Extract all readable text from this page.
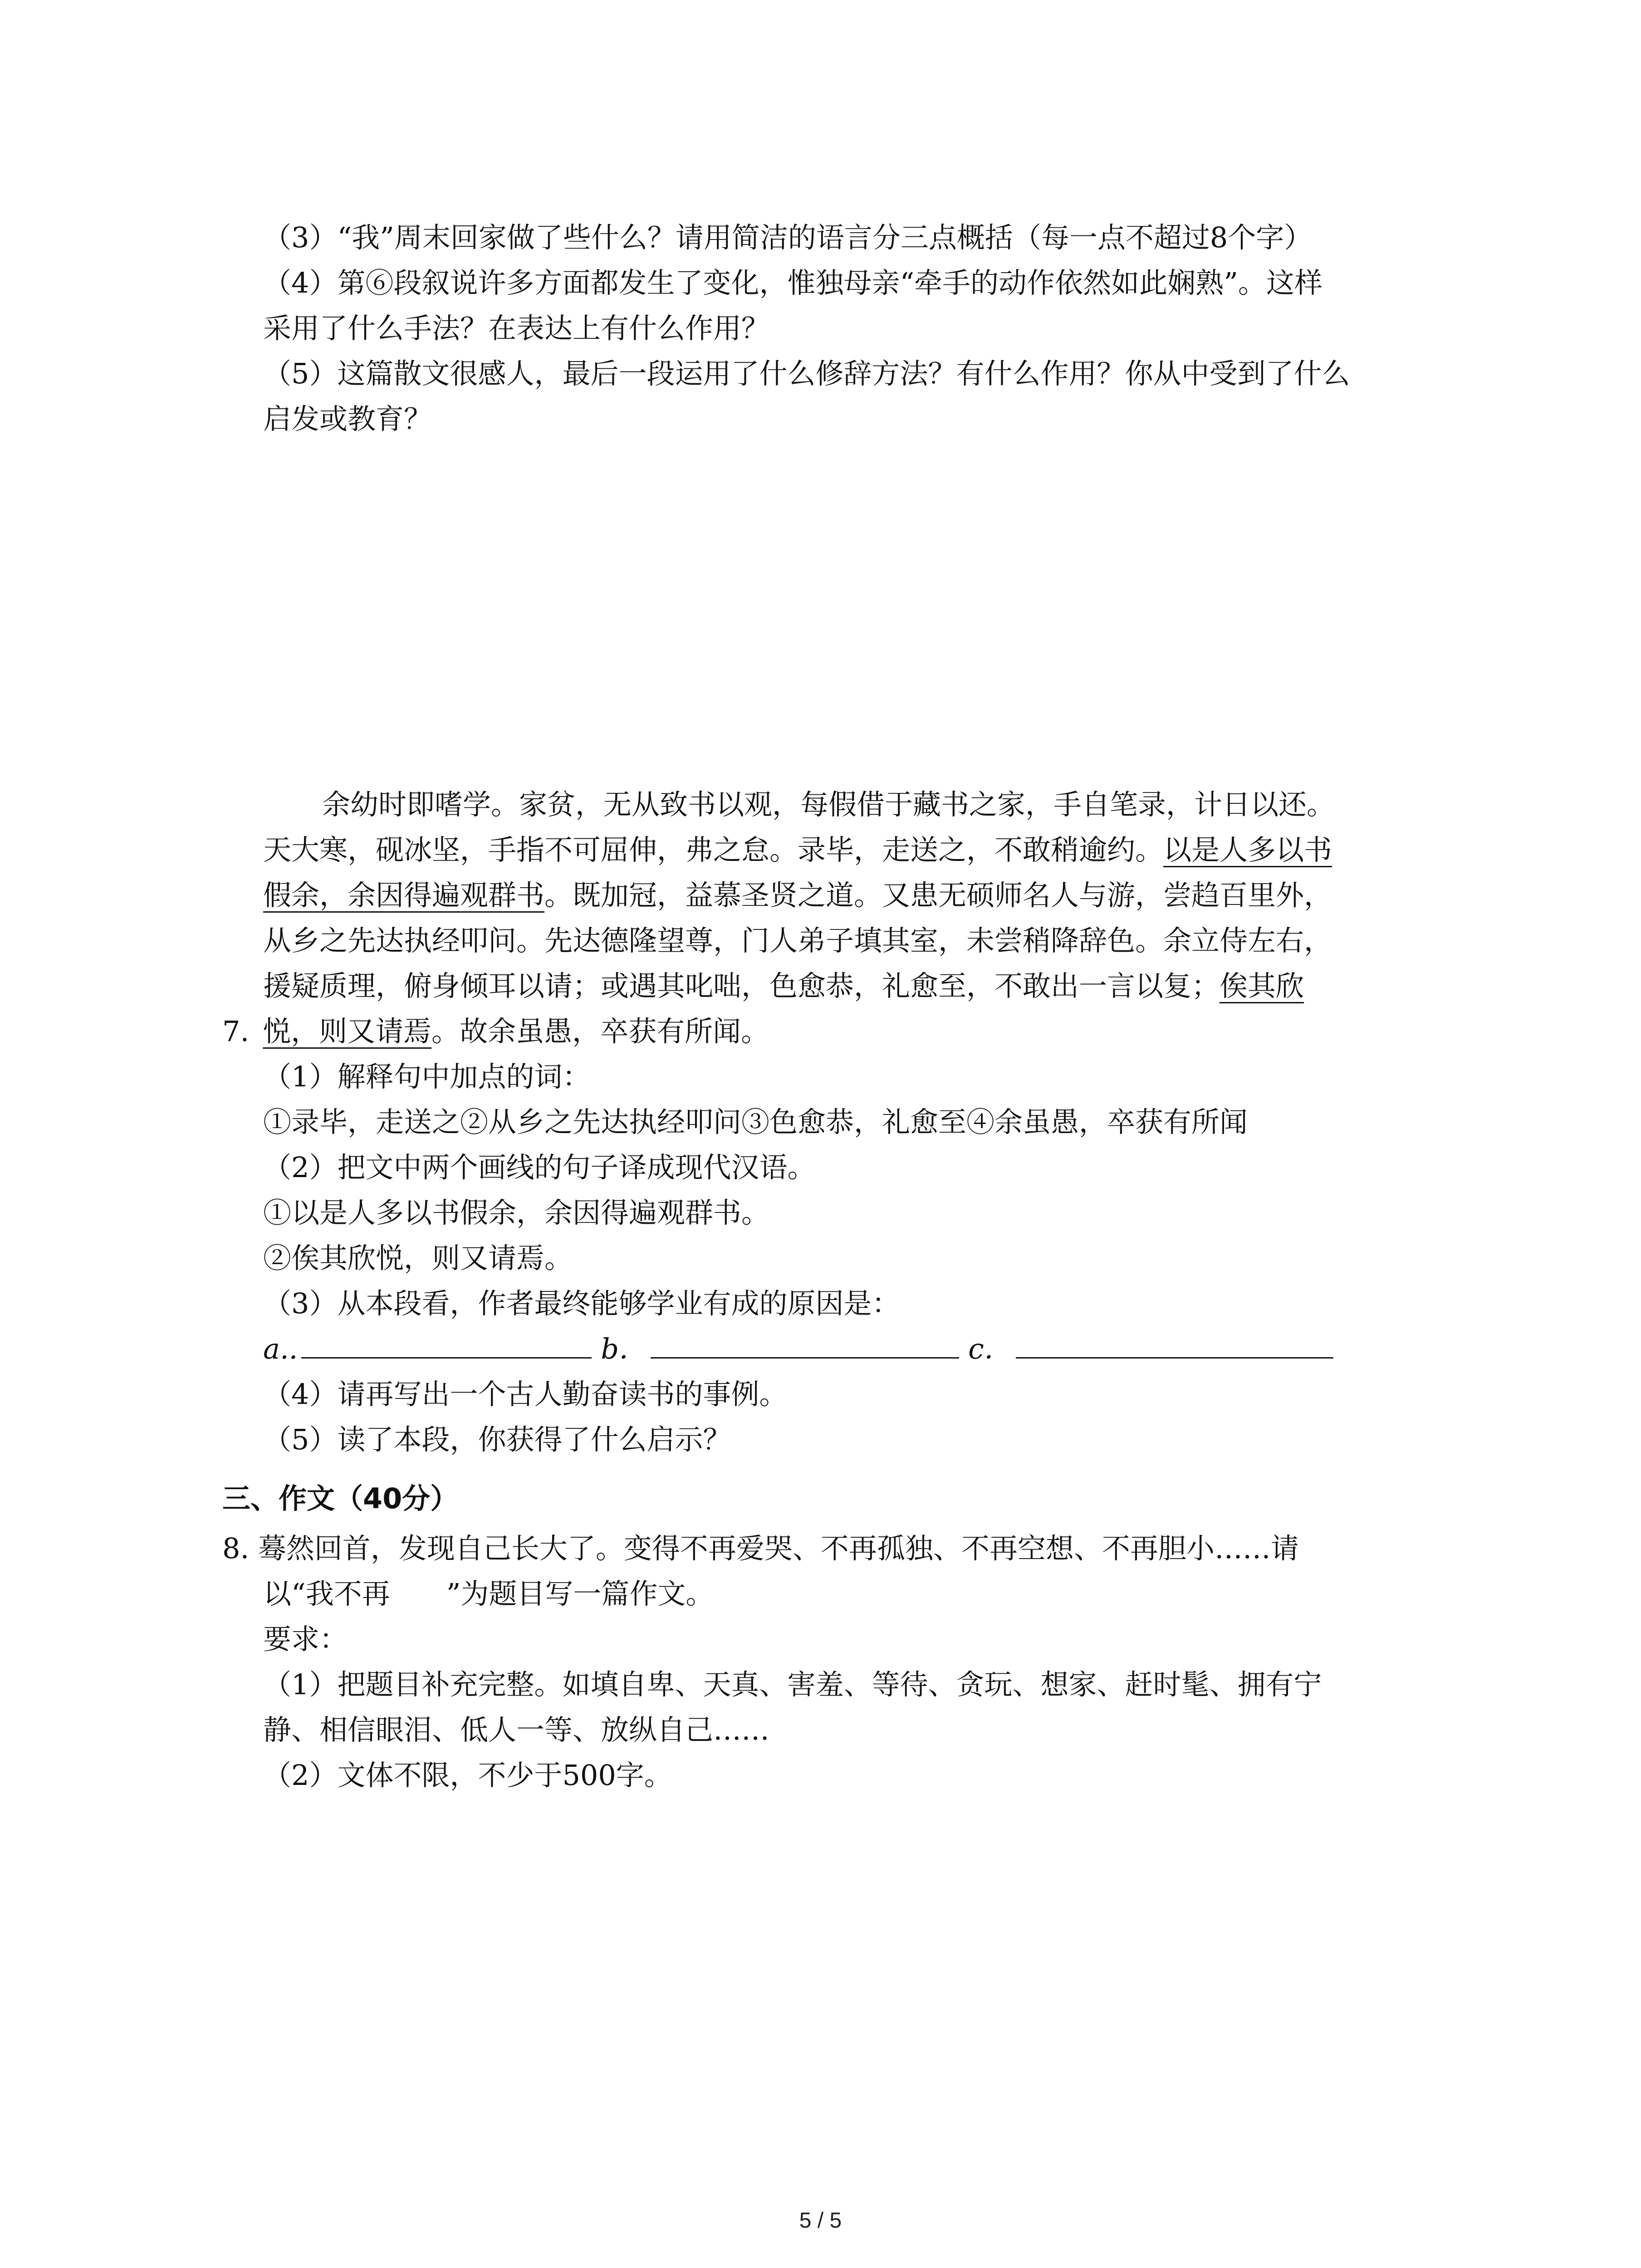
（3）“我”周末回家做了些什么？请用简洁的语言分三点概括（每一点不超过8个字）
（4）第⑥段叙说许多方面都发生了变化，惟独母亲“牵手的动作依然如此娴熟”。这样
采用了什么手法？在表达上有什么作用？
（5）这篇散文很感人，最后一段运用了什么修辞方法？有什么作用？你从中受到了什么
启发或教育？
余幼时即嗜学。家贫，无从致书以观，每假借于藏书之家，手自笔录，计日以还。
天大寒，砚冰坚，手指不可屈伸，弗之怠。录毕，走送之，不敢稍逾约。以是人多以书
假余，余因得遍观群书。既加冠，益慕圣贤之道。又患无硕师名人与游，尝趋百里外，
从乡之先达执经叩问。先达德隆望尊，门人弟子填其室，未尝稍降辞色。余立侍左右，
援疑质理，俯身倾耳以请；或遇其叱咄，色愈恭，礼愈至，不敢出一言以复；俟其欣
7. 悦，则又请焉。故余虽愚，卒获有所闻。
（1）解释句中加点的词：
①录毕，走送之②从乡之先达执经叩问③色愈恭，礼愈至④余虽愚，卒获有所闻
（2）把文中两个画线的句子译成现代汉语。
①以是人多以书假余，余因得遍观群书。
②俟其欣悦，则又请焉。
（3）从本段看，作者最终能够学业有成的原因是：
a..	b．	c．
（4）请再写出一个古人勤奋读书的事例。
（5）读了本段，你获得了什么启示？
三、作文（40分）
8. 蓦然回首，发现自己长大了。变得不再爱哭、不再孤独、不再空想、不再胆小……请
以“我不再　　”为题目写一篇作文。
要求：
（1）把题目补充完整。如填自卑、天真、害羞、等待、贪玩、想家、赶时髦、拥有宁
静、相信眼泪、低人一等、放纵自己……
（2）文体不限，不少于500字。
5 / 5
